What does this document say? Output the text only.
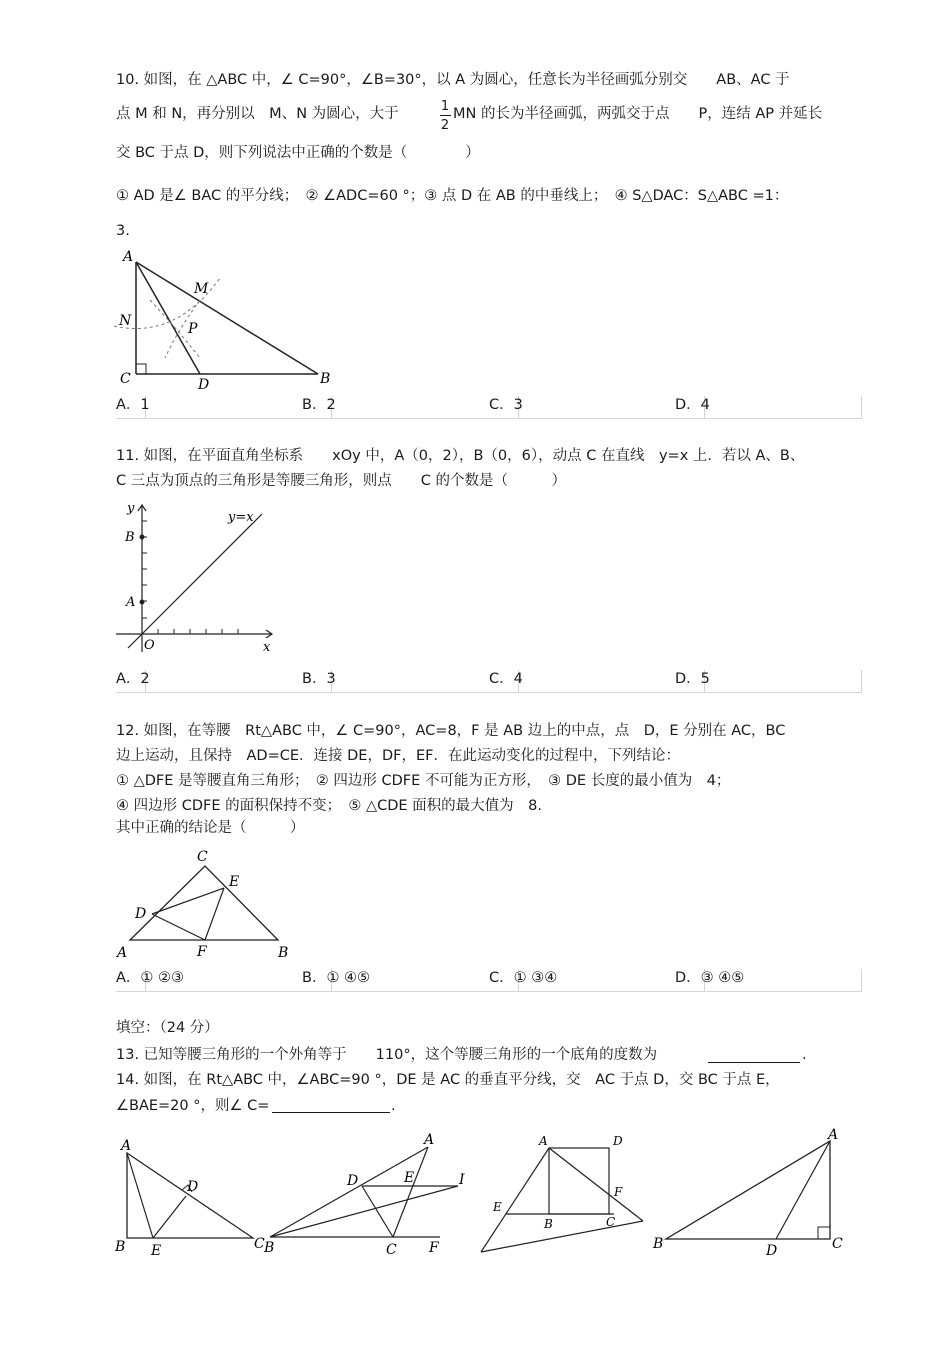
10. 如图，在 △ABC 中，∠ C=90°，∠B=30°，以 A 为圆心，任意长为半径画弧分别交　　AB、AC 于
点 M 和 N，再分别以　M、N 为圆心，大于	1
2
MN 的长为半径画弧，两弧交于点　　P，连结 AP 并延长
交 BC 于点 D，则下列说法中正确的个数是（　　　　）
① AD 是∠ BAC 的平分线；　② ∠ADC=60 °；③ 点 D 在 AB 的中垂线上；　④ S△DAC：S△ABC =1：
3.
A
N
C	D	B
M
P
A．1	B．2	C．3	D．4
11. 如图，在平面直角坐标系　　xOy 中，A（0，2），B（0，6），动点 C 在直线　y=x 上．若以 A、B、
C 三点为顶点的三角形是等腰三角形，则点　　C 的个数是（　　　）
y
y=x
B
A
O	x
A．2	B．3	C．4	D．5
12. 如图，在等腰　Rt△ABC 中，∠ C=90°，AC=8，F 是 AB 边上的中点，点　D，E 分别在 AC，BC
边上运动，且保持　AD=CE．连接 DE，DF，EF．在此运动变化的过程中，下列结论：
① △DFE 是等腰直角三角形；　② 四边形 CDFE 不可能为正方形，　③ DE 长度的最小值为　4；
④ 四边形 CDFE 的面积保持不变；　⑤ △CDE 面积的最大值为　8.
其中正确的结论是（　　　）
C
E
D
A	F	B
A．① ②③	B．① ④⑤	C．① ③④	D．③ ④⑤
填空：（24 分）
13. 已知等腰三角形的一个外角等于　　110°，这个等腰三角形的一个底角的度数为	.
14. 如图，在 Rt△ABC 中，∠ABC=90 °，DE 是 AC 的垂直平分线，交　AC 于点 D，交 BC 于点 E，
∠BAE=20 °，则∠ C=	.
A
D
B E	C
A
D	E	I
B	C F
A	D
F
E
B	C
A
B	D	C
